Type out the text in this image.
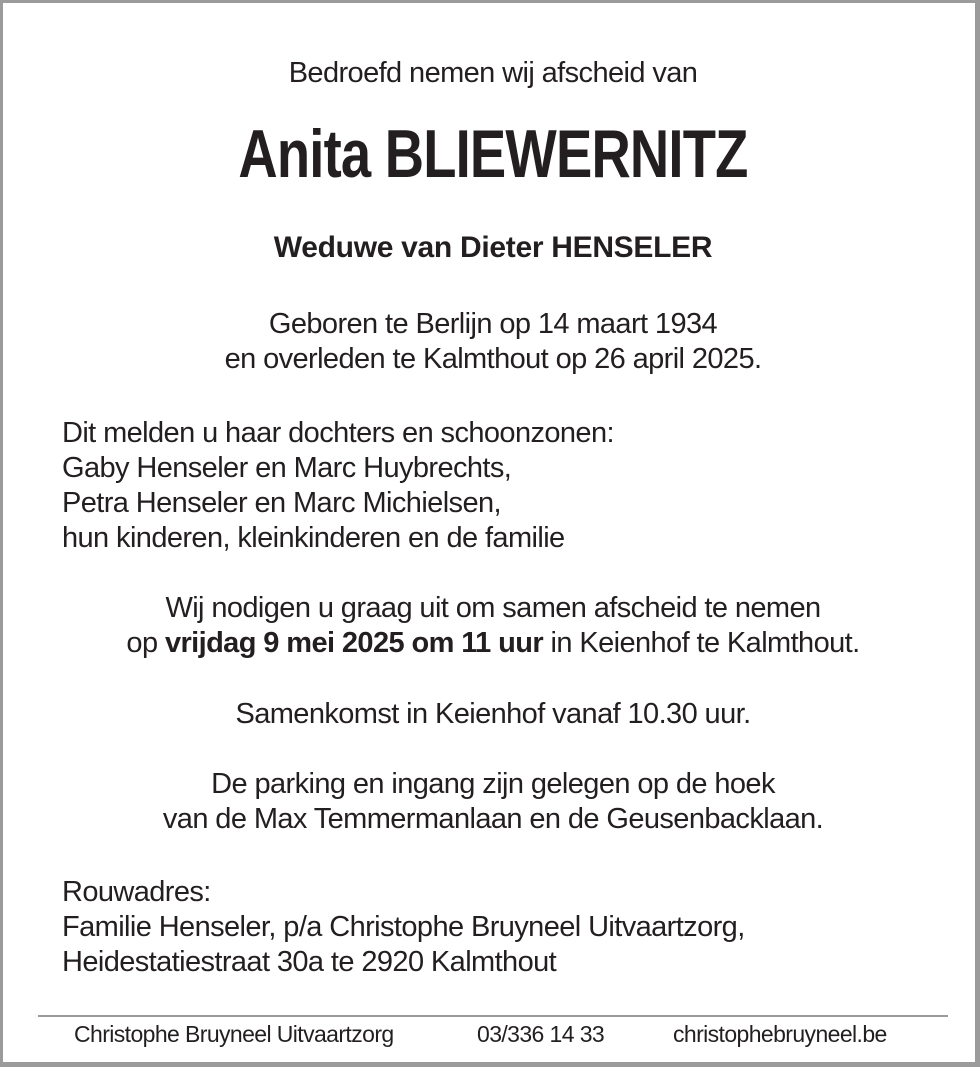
Bedroefd nemen wij afscheid van
Anita BLIEWERNITZ
Weduwe van Dieter HENSELER
Geboren te Berlijn op 14 maart 1934
en overleden te Kalmthout op 26 april 2025.
Dit melden u haar dochters en schoonzonen:
Gaby Henseler en Marc Huybrechts,
Petra Henseler en Marc Michielsen,
hun kinderen, kleinkinderen en de familie
Wij nodigen u graag uit om samen afscheid te nemen
op vrijdag 9 mei 2025 om 11 uur in Keienhof te Kalmthout.
Samenkomst in Keienhof vanaf 10.30 uur.
De parking en ingang zijn gelegen op de hoek
van de Max Temmermanlaan en de Geusenbacklaan.
Rouwadres:
Familie Henseler, p/a Christophe Bruyneel Uitvaartzorg,
Heidestatiestraat 30a te 2920 Kalmthout
Christophe Bruyneel Uitvaartzorg	03/336 14 33	christophebruyneel.be
